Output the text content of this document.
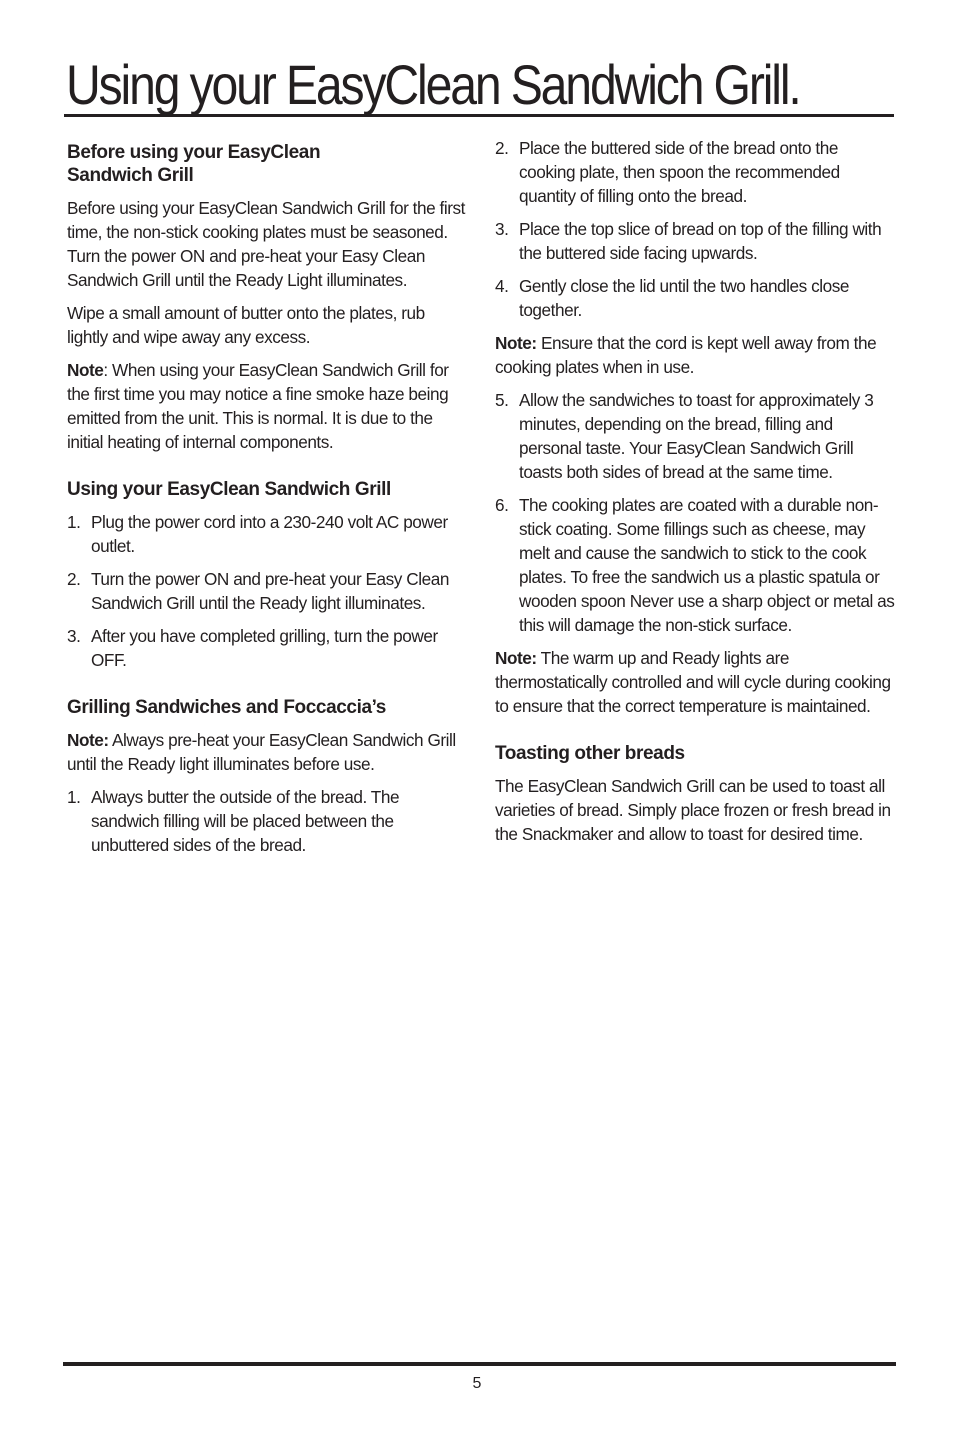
Using your EasyClean Sandwich Grill.
Before using your EasyClean
Sandwich Grill

Before using your EasyClean Sandwich Grill for the first time, the non-stick cooking plates must be seasoned. Turn the power ON and pre-heat your Easy Clean Sandwich Grill until the Ready Light illuminates.

Wipe a small amount of butter onto the plates, rub lightly and wipe away any excess.

Note: When using your EasyClean Sandwich Grill for the first time you may notice a fine smoke haze being emitted from the unit. This is normal. It is due to the initial heating of internal components.

Using your EasyClean Sandwich Grill
1. Plug the power cord into a 230-240 volt AC power outlet.
2. Turn the power ON and pre-heat your Easy Clean Sandwich Grill until the Ready light illuminates.
3. After you have completed grilling, turn the power OFF.
Grilling Sandwiches and Foccaccia’s

Note: Always pre-heat your EasyClean Sandwich Grill until the Ready light illuminates before use.

1. Always butter the outside of the bread. The sandwich filling will be placed between the unbuttered sides of the bread.
2. Place the buttered side of the bread onto the cooking plate, then spoon the recommended quantity of filling onto the bread.
3. Place the top slice of bread on top of the filling with the buttered side facing upwards.
4. Gently close the lid until the two handles close together.

Note: Ensure that the cord is kept well away from the cooking plates when in use.

5. Allow the sandwiches to toast for approximately 3 minutes, depending on the bread, filling and personal taste. Your EasyClean Sandwich Grill toasts both sides of bread at the same time.
6. The cooking plates are coated with a durable non-stick coating. Some fillings such as cheese, may melt and cause the sandwich to stick to the cook plates. To free the sandwich us a plastic spatula or wooden spoon Never use a sharp object or metal as this will damage the non-stick surface.

Note: The warm up and Ready lights are thermostatically controlled and will cycle during cooking to ensure that the correct temperature is maintained.

Toasting other breads

The EasyClean Sandwich Grill can be used to toast all varieties of bread. Simply place frozen or fresh bread in the Snackmaker and allow to toast for desired time.

5
